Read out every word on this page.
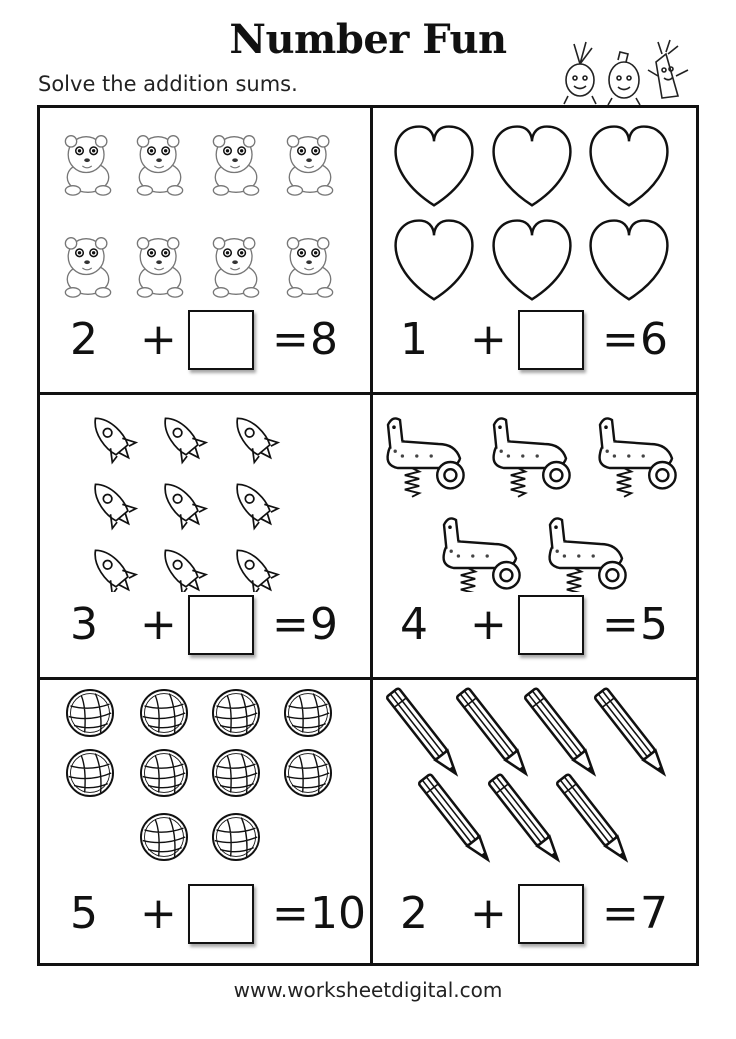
Number Fun
Solve the addition sums.
2 + = 8 1 + = 6
3 + = 9 4 + = 5
5 + = 10 2 + = 7
www.worksheetdigital.com
